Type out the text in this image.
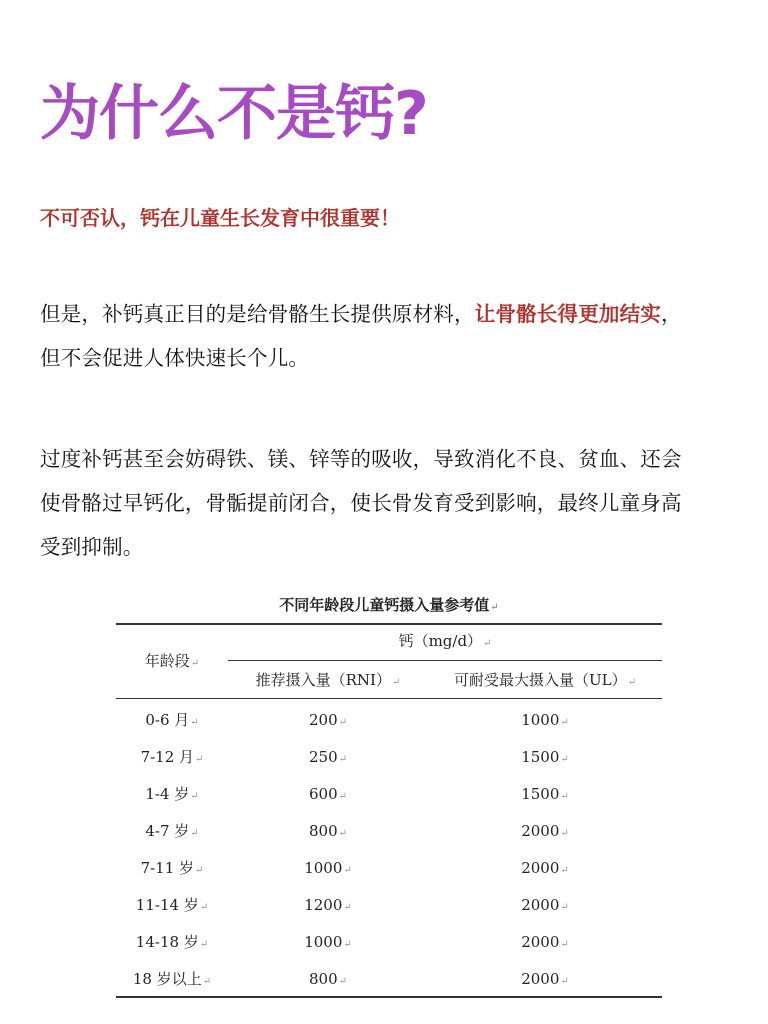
为什么不是钙?
不可否认，钙在儿童生长发育中很重要！
但是，补钙真正目的是给骨骼生长提供原材料，让骨骼长得更加结实，但不会促进人体快速长个儿。
过度补钙甚至会妨碍铁、镁、锌等的吸收，导致消化不良、贫血、还会使骨骼过早钙化，骨骺提前闭合，使长骨发育受到影响，最终儿童身高受到抑制。
不同年龄段儿童钙摄入量参考值↵
年龄段↵
钙（mg/d）↵
推荐摄入量（RNI）↵	可耐受最大摄入量（UL）↵
0-6 月↵	200↵	1000↵
7-12 月↵	250↵	1500↵
1-4 岁↵	600↵	1500↵
4-7 岁↵	800↵	2000↵
7-11 岁↵	1000↵	2000↵
11-14 岁↵	1200↵	2000↵
14-18 岁↵	1000↵	2000↵
18 岁以上↵	800↵	2000↵
